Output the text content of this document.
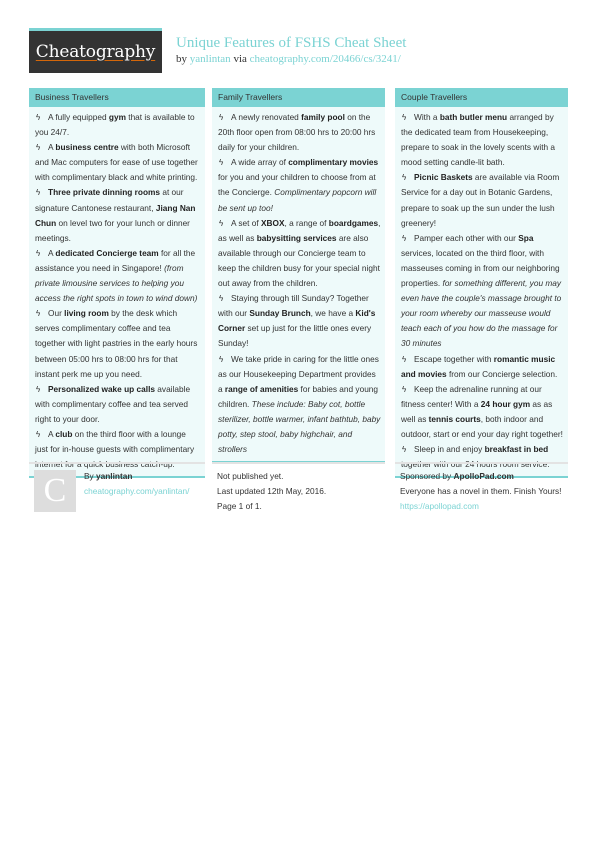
Cheatography Unique Features of FSHS Cheat Sheet
by yanlintan via cheatography.com/20466/cs/3241/
Business Travellers
ϟ A fully equipped gym that is available to you 24/7.
ϟ A business centre with both Microsoft and Mac computers for ease of use together with complimentary black and white printing.
ϟ Three private dinning rooms at our signature Cantonese restaurant, Jiang Nan Chun on level two for your lunch or dinner meetings.
ϟ A dedicated Concierge team for all the assistance you need in Singapore! (from private limousine services to helping you access the right spots in town to wind down)
ϟ Our living room by the desk which serves complimentary coffee and tea together with light pastries in the early hours between 05:00 hrs to 08:00 hrs for that instant perk me up you need.
ϟ Personalized wake up calls available with complimentary coffee and tea served right to your door.
ϟ A club on the third floor with a lounge just for in-house guests with complimentary internet for a quick business catch-up.
Family Travellers
ϟ A newly renovated family pool on the 20th floor open from 08:00 hrs to 20:00 hrs daily for your children.
ϟ A wide array of complimentary movies for you and your children to choose from at the Concierge. Complimentary popcorn will be sent up too!
ϟ A set of XBOX, a range of boardgames, as well as babysitting services are also available through our Concierge team to keep the children busy for your special night out away from the children.
ϟ Staying through till Sunday? Together with our Sunday Brunch, we have a Kid's Corner set up just for the little ones every Sunday!
ϟ We take pride in caring for the little ones as our Housekeeping Department provides a range of amenities for babies and young children. These include: Baby cot, bottle sterilizer, bottle warmer, infant bathtub, baby potty, step stool, baby highchair, and strollers
Couple Travellers
ϟ With a bath butler menu arranged by the dedicated team from Housekeeping, prepare to soak in the lovely scents with a mood setting candle-lit bath.
ϟ Picnic Baskets are available via Room Service for a day out in Botanic Gardens, prepare to soak up the sun under the lush greenery!
ϟ Pamper each other with our Spa services, located on the third floor, with masseuses coming in from our neighboring properties. for something different, you may even have the couple's massage brought to your room whereby our masseuse would teach each of you how do the massage for 30 minutes
ϟ Escape together with romantic music and movies from our Concierge selection.
ϟ Keep the adrenaline running at our fitness center! With a 24 hour gym as as well as tennis courts, both indoor and outdoor, start or end your day right together!
ϟ Sleep in and enjoy breakfast in bed together with our 24 hours room service.
C	By yanlintan
cheatography.com/yanlintan/
Not published yet.
Last updated 12th May, 2016.
Page 1 of 1.
Sponsored by ApolloPad.com
Everyone has a novel in them. Finish Yours!
https://apollopad.com
